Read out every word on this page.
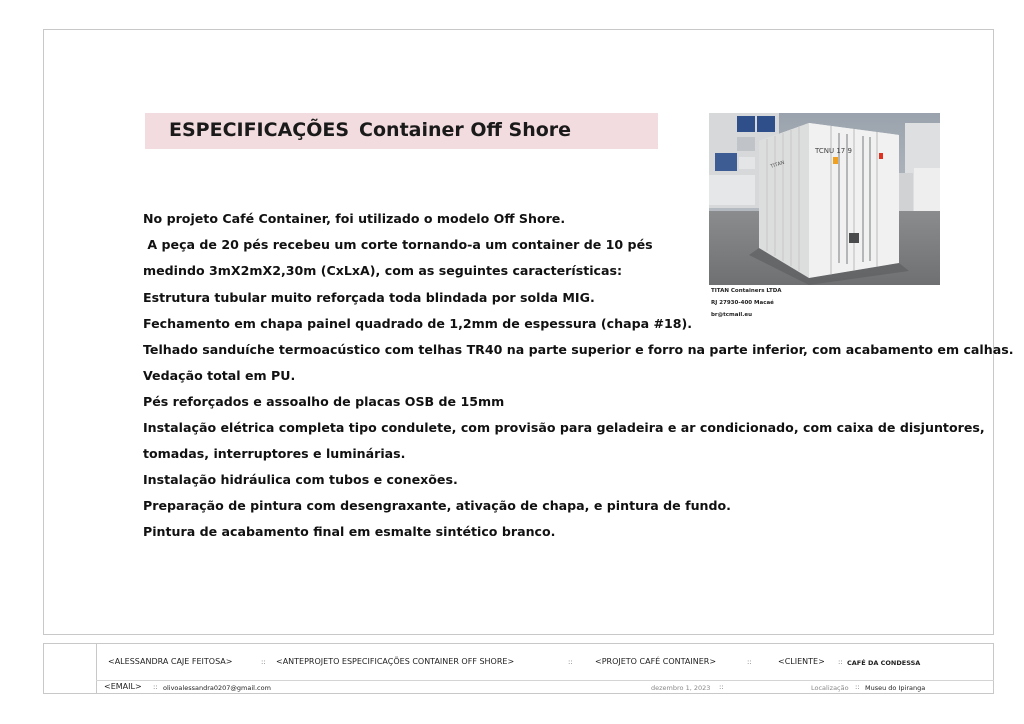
ESPECIFICAÇÕES Container Off Shore
TITAN
TCNU 17 9

TITAN Containers LTDA

RJ 27930-400 Macaé

br@tcmail.eu

No projeto Café Container, foi utilizado o modelo Off Shore.

A peça de 20 pés recebeu um corte tornando-a um container de 10 pés

medindo 3mX2mX2,30m (CxLxA), com as seguintes características:

Estrutura tubular muito reforçada toda blindada por solda MIG.

Fechamento em chapa painel quadrado de 1,2mm de espessura (chapa #18).

Telhado sanduíche termoacústico com telhas TR40 na parte superior e forro na parte inferior, com acabamento em calhas.

Vedação total em PU.

Pés reforçados e assoalho de placas OSB de 15mm

Instalação elétrica completa tipo condulete, com provisão para geladeira e ar condicionado, com caixa de disjuntores,

tomadas, interruptores e luminárias.

Instalação hidráulica com tubos e conexões.

Preparação de pintura com desengraxante, ativação de chapa, e pintura de fundo.

Pintura de acabamento final em esmalte sintético branco.

<ALESSANDRA CAJE FEITOSA>	:: <ANTEPROJETO ESPECIFICAÇÕES CONTAINER OFF SHORE>	::	<PROJETO CAFÉ CONTAINER>	::	<CLIENTE> :: CAFÉ DA CONDESSA

<EMAIL> :: olivoalessandra0207@gmail.com	dezembro 1, 2023 ::	Localização :: Museu do Ipiranga
